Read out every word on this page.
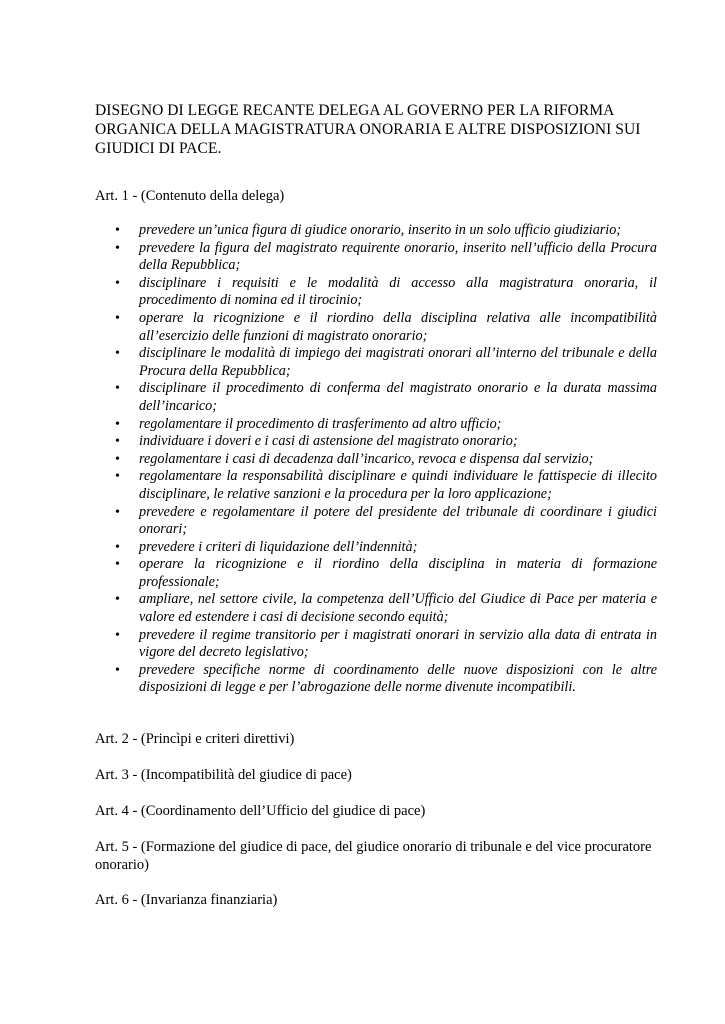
DISEGNO DI LEGGE RECANTE DELEGA AL GOVERNO PER LA RIFORMA ORGANICA DELLA MAGISTRATURA ONORARIA E ALTRE DISPOSIZIONI SUI GIUDICI DI PACE.

Art. 1 - (Contenuto della delega)

• prevedere un’unica figura di giudice onorario, inserito in un solo ufficio giudiziario;
• prevedere la figura del magistrato requirente onorario, inserito nell’ufficio della Procura della Repubblica;
• disciplinare i requisiti e le modalità di accesso alla magistratura onoraria, il procedimento di nomina ed il tirocinio;
• operare la ricognizione e il riordino della disciplina relativa alle incompatibilità all’esercizio delle funzioni di magistrato onorario;
• disciplinare le modalità di impiego dei magistrati onorari all’interno del tribunale e della Procura della Repubblica;
• disciplinare il procedimento di conferma del magistrato onorario e la durata massima dell’incarico;
• regolamentare il procedimento di trasferimento ad altro ufficio;
• individuare i doveri e i casi di astensione del magistrato onorario;
• regolamentare i casi di decadenza dall’incarico, revoca e dispensa dal servizio;
• regolamentare la responsabilità disciplinare e quindi individuare le fattispecie di illecito disciplinare, le relative sanzioni e la procedura per la loro applicazione;
• prevedere e regolamentare il potere del presidente del tribunale di coordinare i giudici onorari;
• prevedere i criteri di liquidazione dell’indennità;
• operare la ricognizione e il riordino della disciplina in materia di formazione professionale;
• ampliare, nel settore civile, la competenza dell’Ufficio del Giudice di Pace per materia e valore ed estendere i casi di decisione secondo equità;
• prevedere il regime transitorio per i magistrati onorari in servizio alla data di entrata in vigore del decreto legislativo;
• prevedere specifiche norme di coordinamento delle nuove disposizioni con le altre disposizioni di legge e per l’abrogazione delle norme divenute incompatibili.

Art. 2 - (Princìpi e criteri direttivi)

Art. 3 - (Incompatibilità del giudice di pace)

Art. 4 - (Coordinamento dell’Ufficio del giudice di pace)

Art. 5 - (Formazione del giudice di pace, del giudice onorario di tribunale e del vice procuratore onorario)

Art. 6 - (Invarianza finanziaria)
